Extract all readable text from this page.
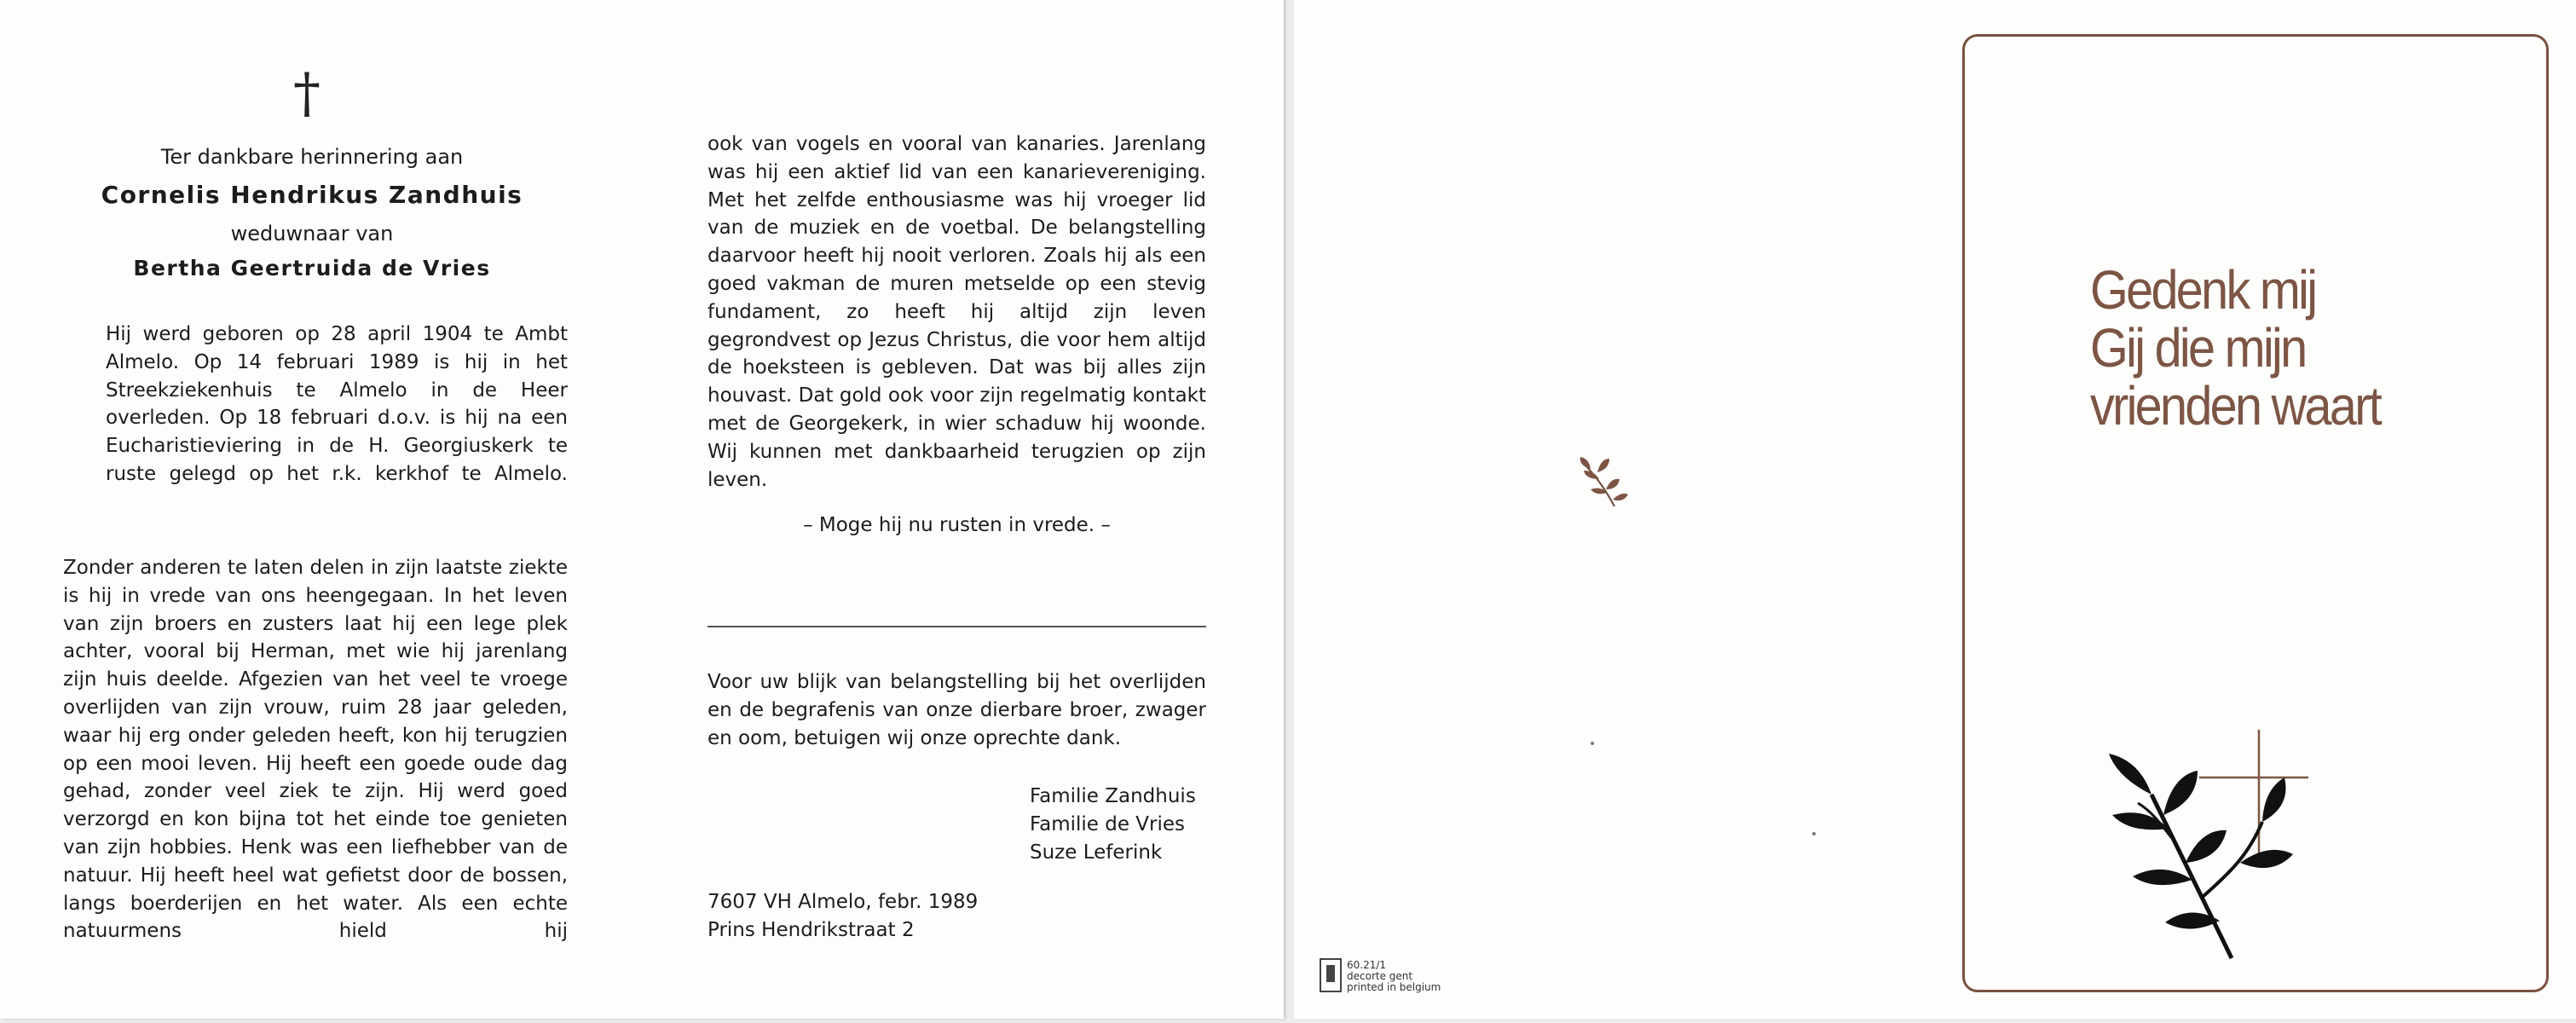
†
Ter dankbare herinnering aan
Cornelis Hendrikus Zandhuis
weduwnaar van
Bertha Geertruida de Vries

Hij werd geboren op 28 april 1904 te Ambt Almelo. Op 14 februari 1989 is hij in het Streekziekenhuis te Almelo in de Heer overleden. Op 18 februari d.o.v. is hij na een Eucharistieviering in de H. Georgiuskerk te ruste gelegd op het r.k. kerkhof te Almelo.

Zonder anderen te laten delen in zijn laatste ziekte is hij in vrede van ons heengegaan. In het leven van zijn broers en zusters laat hij een lege plek achter, vooral bij Herman, met wie hij jarenlang zijn huis deelde. Afgezien van het veel te vroege overlijden van zijn vrouw, ruim 28 jaar geleden, waar hij erg onder geleden heeft, kon hij terugzien op een mooi leven. Hij heeft een goede oude dag gehad, zonder veel ziek te zijn. Hij werd goed verzorgd en kon bijna tot het einde toe genieten van zijn hobbies. Henk was een liefhebber van de natuur. Hij heeft heel wat gefietst door de bossen, langs boerderijen en het water. Als een echte natuurmens hield hij

ook van vogels en vooral van kanaries. Jarenlang was hij een aktief lid van een kanarievereniging. Met het zelfde enthousiasme was hij vroeger lid van de muziek en de voetbal. De belangstelling daarvoor heeft hij nooit verloren. Zoals hij als een goed vakman de muren metselde op een stevig fundament, zo heeft hij altijd zijn leven gegrondvest op Jezus Christus, die voor hem altijd de hoeksteen is gebleven. Dat was bij alles zijn houvast. Dat gold ook voor zijn regelmatig kontakt met de Georgekerk, in wier schaduw hij woonde. Wij kunnen met dankbaarheid terugzien op zijn leven.

– Moge hij nu rusten in vrede. –

Voor uw blijk van belangstelling bij het overlijden en de begrafenis van onze dierbare broer, zwager en oom, betuigen wij onze oprechte dank.

Familie Zandhuis
Familie de Vries
Suze Leferink
7607 VH Almelo, febr. 1989
Prins Hendrikstraat 2
60.21/1
decorte gent
printed in belgium
Gedenk mij
Gij die mijn
vrienden waart
